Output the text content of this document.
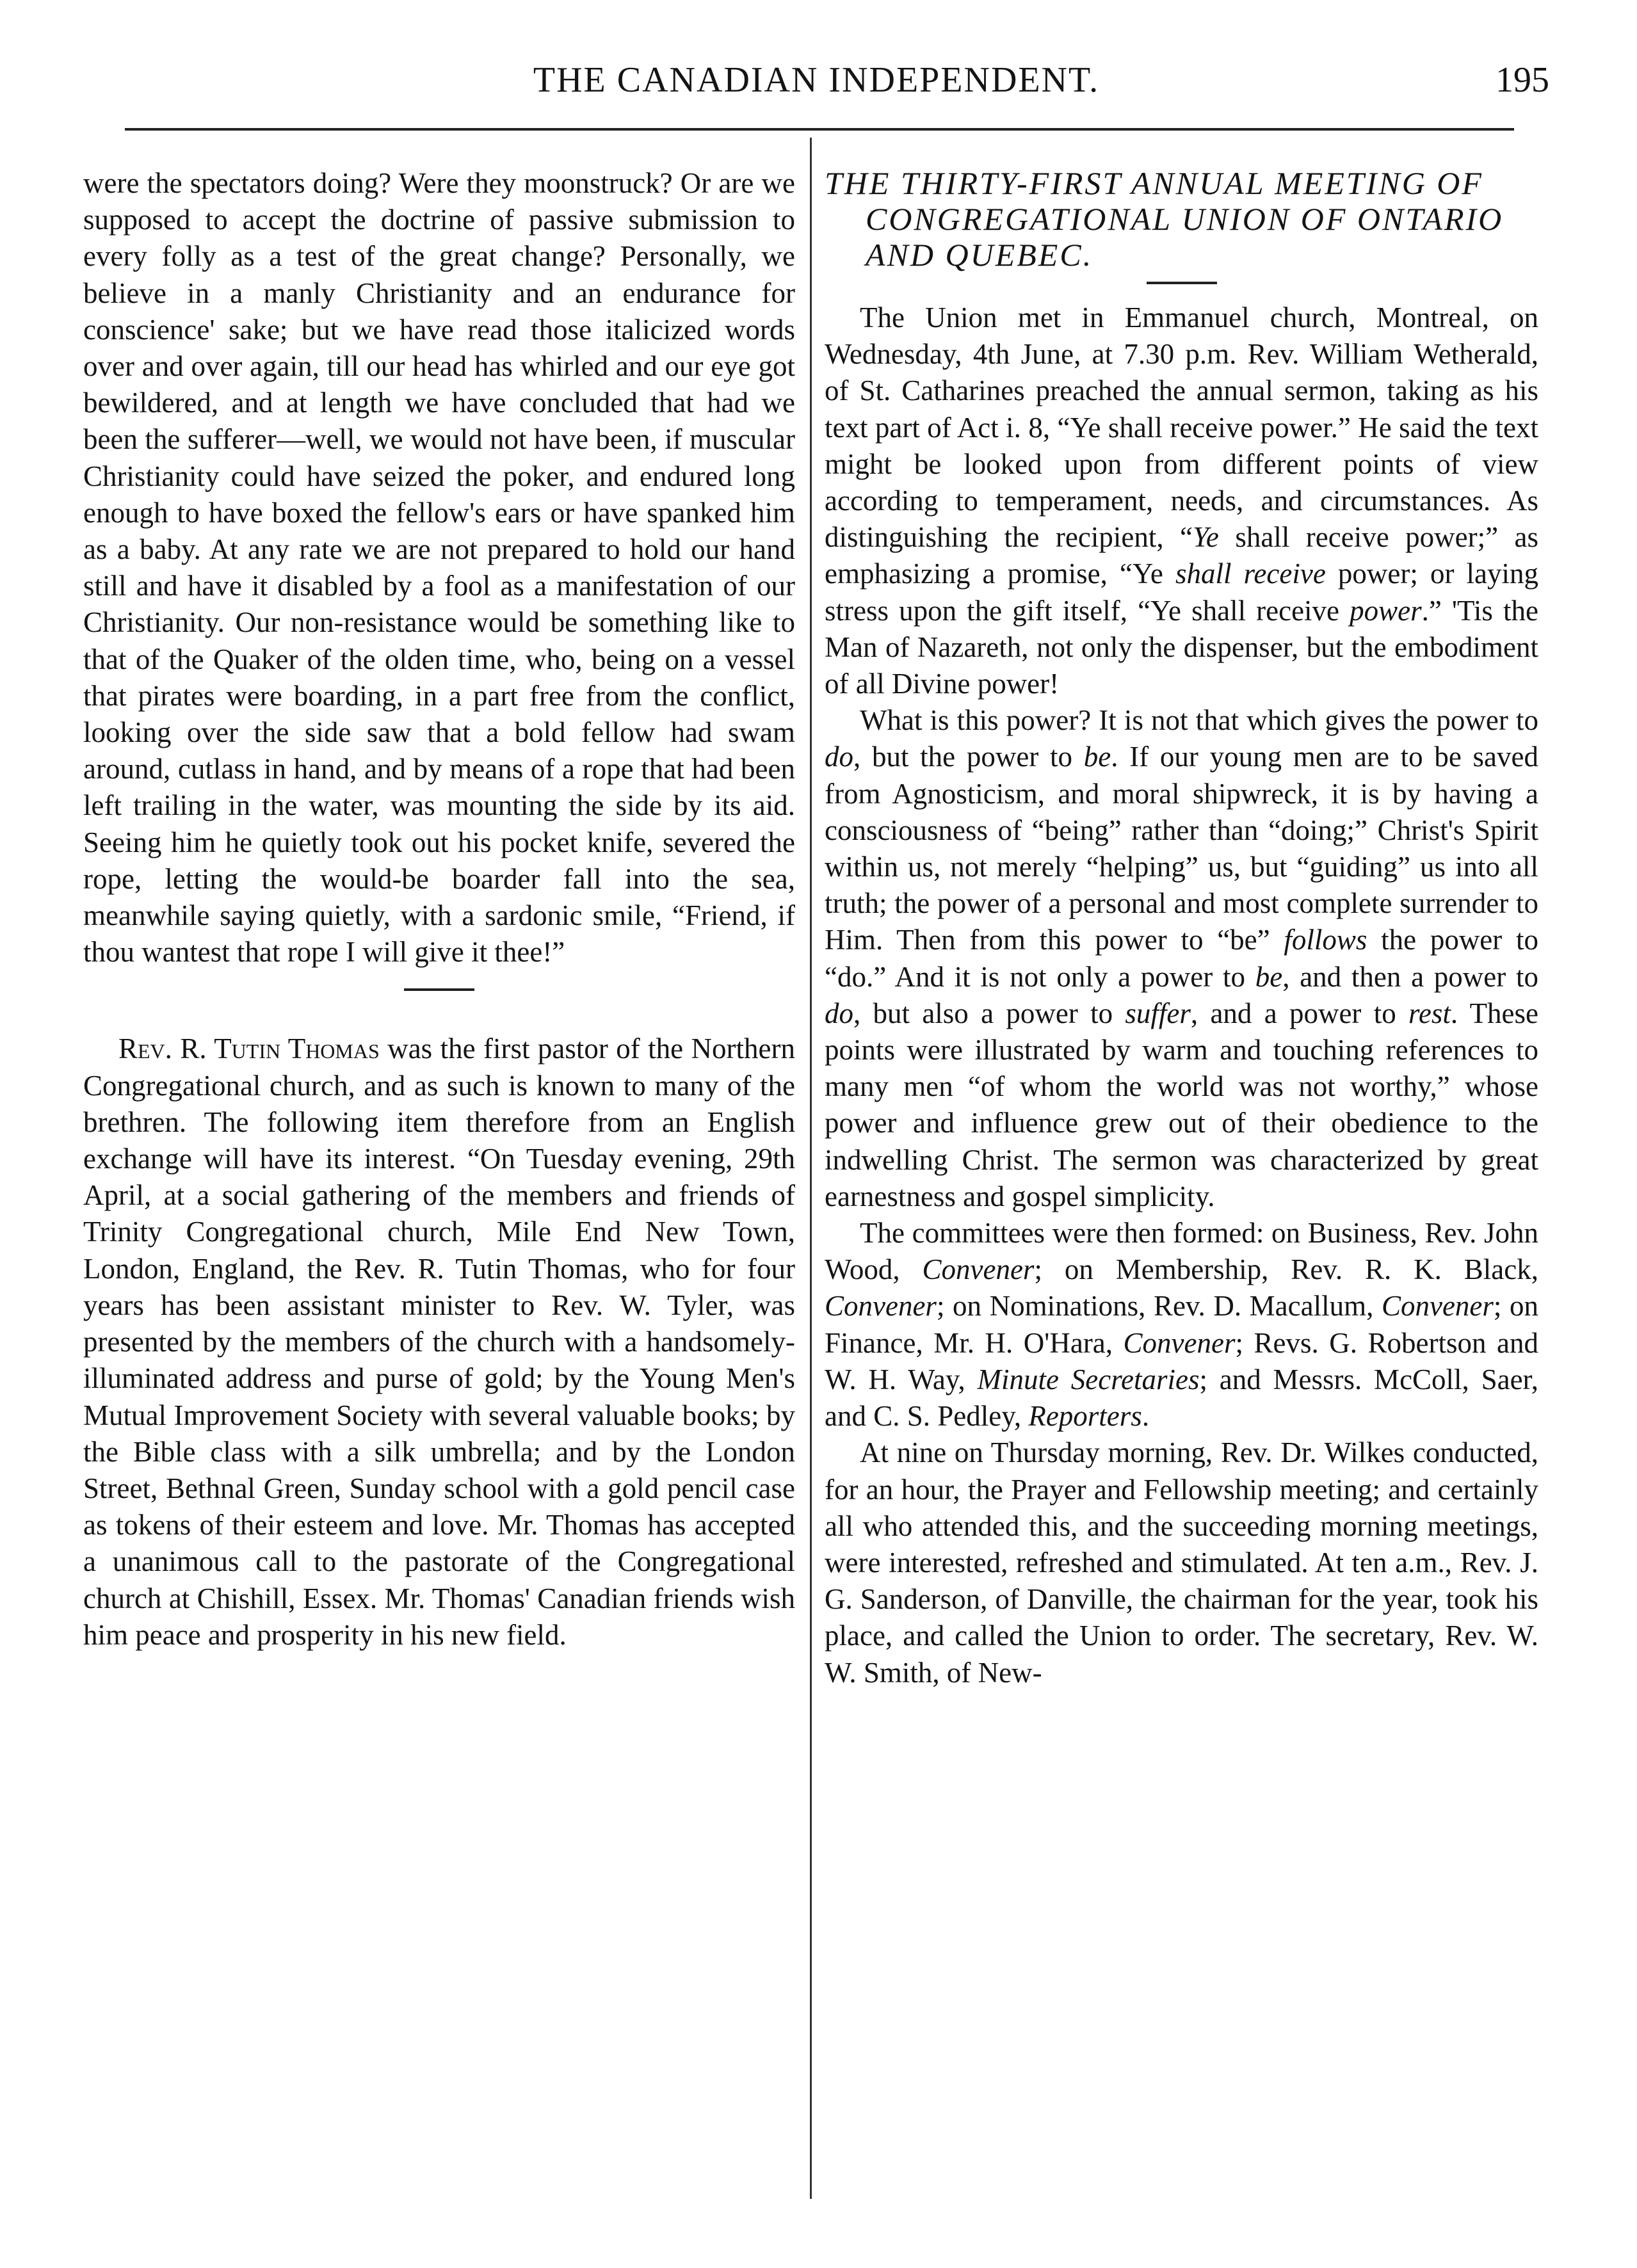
THE CANADIAN INDEPENDENT.	195

were the spectators doing? Were they moonstruck? Or are we supposed to accept the doctrine of passive submission to every folly as a test of the great change? Personally, we believe in a manly Christianity and an endurance for conscience' sake; but we have read those italicized words over and over again, till our head has whirled and our eye got bewildered, and at length we have concluded that had we been the sufferer—well, we would not have been, if muscular Christianity could have seized the poker, and endured long enough to have boxed the fellow's ears or have spanked him as a baby. At any rate we are not prepared to hold our hand still and have it disabled by a fool as a manifestation of our Christianity. Our non-resistance would be something like to that of the Quaker of the olden time, who, being on a vessel that pirates were boarding, in a part free from the conflict, looking over the side saw that a bold fellow had swam around, cutlass in hand, and by means of a rope that had been left trailing in the water, was mounting the side by its aid. Seeing him he quietly took out his pocket knife, severed the rope, letting the would-be boarder fall into the sea, meanwhile saying quietly, with a sardonic smile, “Friend, if thou wantest that rope I will give it thee!”

Rev. R. Tutin Thomas was the first pastor of the Northern Congregational church, and as such is known to many of the brethren. The following item therefore from an English exchange will have its interest. “On Tuesday evening, 29th April, at a social gathering of the members and friends of Trinity Congregational church, Mile End New Town, London, England, the Rev. R. Tutin Thomas, who for four years has been assistant minister to Rev. W. Tyler, was presented by the members of the church with a handsomely-illuminated address and purse of gold; by the Young Men's Mutual Improvement Society with several valuable books; by the Bible class with a silk umbrella; and by the London Street, Bethnal Green, Sunday school with a gold pencil case as tokens of their esteem and love. Mr. Thomas has accepted a unanimous call to the pastorate of the Congregational church at Chishill, Essex. Mr. Thomas' Canadian friends wish him peace and prosperity in his new field.

THE THIRTY-FIRST ANNUAL MEETING OF CONGREGATIONAL UNION OF ONTARIO AND QUEBEC.

The Union met in Emmanuel church, Montreal, on Wednesday, 4th June, at 7.30 p.m. Rev. William Wetherald, of St. Catharines preached the annual sermon, taking as his text part of Act i. 8, “Ye shall receive power.” He said the text might be looked upon from different points of view according to temperament, needs, and circumstances. As distinguishing the recipient, “Ye shall receive power;” as emphasizing a promise, “Ye shall receive power; or laying stress upon the gift itself, “Ye shall receive power.” 'Tis the Man of Nazareth, not only the dispenser, but the embodiment of all Divine power!

What is this power? It is not that which gives the power to do, but the power to be. If our young men are to be saved from Agnosticism, and moral shipwreck, it is by having a consciousness of “being” rather than “doing;” Christ's Spirit within us, not merely “helping” us, but “guiding” us into all truth; the power of a personal and most complete surrender to Him. Then from this power to “be” follows the power to “do.” And it is not only a power to be, and then a power to do, but also a power to suffer, and a power to rest. These points were illustrated by warm and touching references to many men “of whom the world was not worthy,” whose power and influence grew out of their obedience to the indwelling Christ. The sermon was characterized by great earnestness and gospel simplicity.

The committees were then formed: on Business, Rev. John Wood, Convener; on Membership, Rev. R. K. Black, Convener; on Nominations, Rev. D. Macallum, Convener; on Finance, Mr. H. O'Hara, Convener; Revs. G. Robertson and W. H. Way, Minute Secretaries; and Messrs. McColl, Saer, and C. S. Pedley, Reporters.

At nine on Thursday morning, Rev. Dr. Wilkes conducted, for an hour, the Prayer and Fellowship meeting; and certainly all who attended this, and the succeeding morning meetings, were interested, refreshed and stimulated. At ten a.m., Rev. J. G. Sanderson, of Danville, the chairman for the year, took his place, and called the Union to order. The secretary, Rev. W. W. Smith, of New-
